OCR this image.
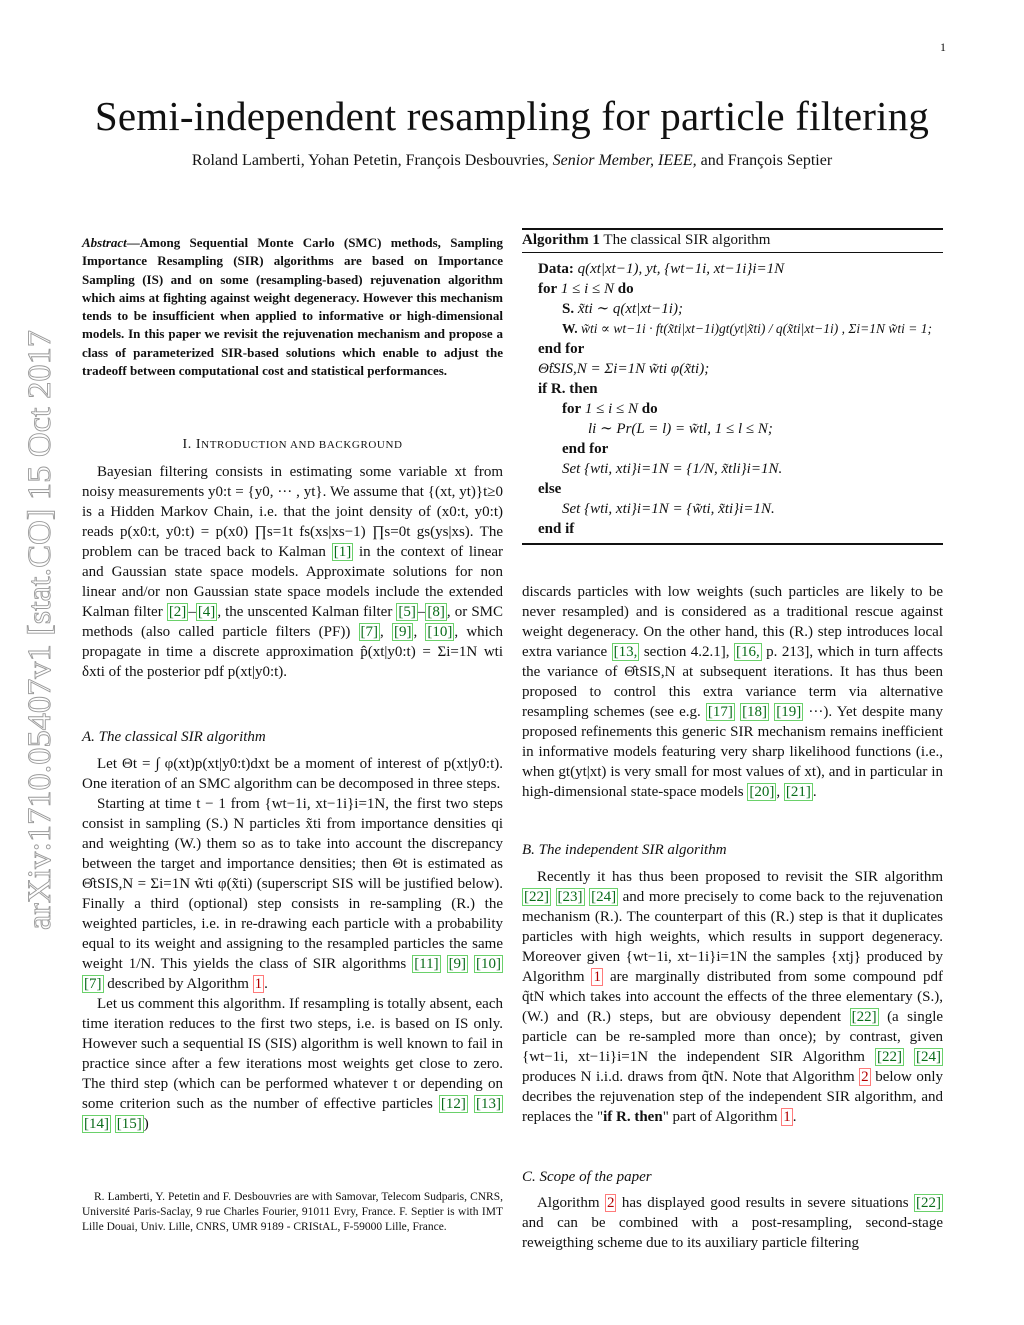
1
arXiv:1710.05407v1 [stat.CO] 15 Oct 2017
Semi-independent resampling for particle filtering
Roland Lamberti, Yohan Petetin, François Desbouvries, Senior Member, IEEE, and François Septier
Abstract—Among Sequential Monte Carlo (SMC) methods, Sampling Importance Resampling (SIR) algorithms are based on Importance Sampling (IS) and on some (resampling-based) rejuvenation algorithm which aims at fighting against weight degeneracy. However this mechanism tends to be insufficient when applied to informative or high-dimensional models. In this paper we revisit the rejuvenation mechanism and propose a class of parameterized SIR-based solutions which enable to adjust the tradeoff between computational cost and statistical performances.
I. INTRODUCTION AND BACKGROUND

Bayesian filtering consists in estimating some variable xt from noisy measurements y0:t = {y0, ··· , yt}. We assume that {(xt, yt)}t≥0 is a Hidden Markov Chain, i.e. that the joint density of (x0:t, y0:t) reads p(x0:t, y0:t) = p(x0) ∏s=1t fs(xs|xs−1) ∏s=0t gs(ys|xs). The problem can be traced back to Kalman [1] in the context of linear and Gaussian state space models. Approximate solutions for non linear and/or non Gaussian state space models include the extended Kalman filter [2] – [4] , the unscented Kalman filter [5] – [8] , or SMC methods (also called particle filters (PF)) [7] , [9] , [10] , which propagate in time a discrete approximation p̂(xt|y0:t) = Σi=1N wti δxti of the posterior pdf p(xt|y0:t).

A. The classical SIR algorithm

Let Θt = ∫ φ(xt)p(xt|y0:t)dxt be a moment of interest of p(xt|y0:t). One iteration of an SMC algorithm can be decomposed in three steps.

Starting at time t − 1 from {wt−1i, xt−1i}i=1N, the first two steps consist in sampling (S.) N particles x̃ti from importance densities qi and weighting (W.) them so as to take into account the discrepancy between the target and importance densities; then Θt is estimated as Θ̂tSIS,N = Σi=1N w̃ti φ(x̃ti) (superscript SIS will be justified below). Finally a third (optional) step consists in re-sampling (R.) the weighted particles, i.e. in re-drawing each particle with a probability equal to its weight and assigning to the resampled particles the same weight 1/N. This yields the class of SIR algorithms [11] [9] [10] [7] described by Algorithm 1 .

Let us comment this algorithm. If resampling is totally absent, each time iteration reduces to the first two steps, i.e. is based on IS only. However such a sequential IS (SIS) algorithm is well known to fail in practice since after a few iterations most weights get close to zero. The third step (which can be performed whatever t or depending on some criterion such as the number of effective particles [12] [13] [14] [15] )

R. Lamberti, Y. Petetin and F. Desbouvries are with Samovar, Telecom Sudparis, CNRS, Université Paris-Saclay, 9 rue Charles Fourier, 91011 Evry, France. F. Septier is with IMT Lille Douai, Univ. Lille, CNRS, UMR 9189 - CRIStAL, F-59000 Lille, France.

Algorithm 1 The classical SIR algorithm
Data: q(xt|xt−1), yt, {wt−1i, xt−1i}i=1N
for 1 ≤ i ≤ N do
S. x̃ti ∼ q(xt|xt−1i);
W. w̃ti ∝ wt−1i · ft(x̃ti|xt−1i)gt(yt|x̃ti) / q(x̃ti|xt−1i) , Σi=1N w̃ti = 1;
end for
Θ̂tSIS,N = Σi=1N w̃ti φ(x̃ti);
if R. then
for 1 ≤ i ≤ N do
li ∼ Pr(L = l) = w̃tl, 1 ≤ l ≤ N;
end for
Set {wti, xti}i=1N = {1/N, x̃tli}i=1N.
else
Set {wti, xti}i=1N = {w̃ti, x̃ti}i=1N.
end if

discards particles with low weights (such particles are likely to be never resampled) and is considered as a traditional rescue against weight degeneracy. On the other hand, this (R.) step introduces local extra variance [13, section 4.2.1], [16, p. 213], which in turn affects the variance of Θ̂tSIS,N at subsequent iterations. It has thus been proposed to control this extra variance term via alternative resampling schemes (see e.g. [17] [18] [19] ···). Yet despite many proposed refinements this generic SIR mechanism remains inefficient in informative models featuring very sharp likelihood functions (i.e., when gt(yt|xt) is very small for most values of xt), and in particular in high-dimensional state-space models [20] , [21] .

B. The independent SIR algorithm

Recently it has thus been proposed to revisit the SIR algorithm [22] [23] [24] and more precisely to come back to the rejuvenation mechanism (R.). The counterpart of this (R.) step is that it duplicates particles with high weights, which results in support degeneracy. Moreover given {wt−1i, xt−1i}i=1N the samples {xtj} produced by Algorithm 1 are marginally distributed from some compound pdf q̃tN which takes into account the effects of the three elementary (S.), (W.) and (R.) steps, but are obviousy dependent [22] (a single particle can be re-sampled more than once); by contrast, given {wt−1i, xt−1i}i=1N the independent SIR Algorithm [22] [24] produces N i.i.d. draws from q̃tN. Note that Algorithm 2 below only decribes the rejuvenation step of the independent SIR algorithm, and replaces the "if R. then" part of Algorithm 1 .

C. Scope of the paper

Algorithm 2 has displayed good results in severe situations [22] and can be combined with a post-resampling, second-stage reweigthing scheme due to its auxiliary particle filtering
